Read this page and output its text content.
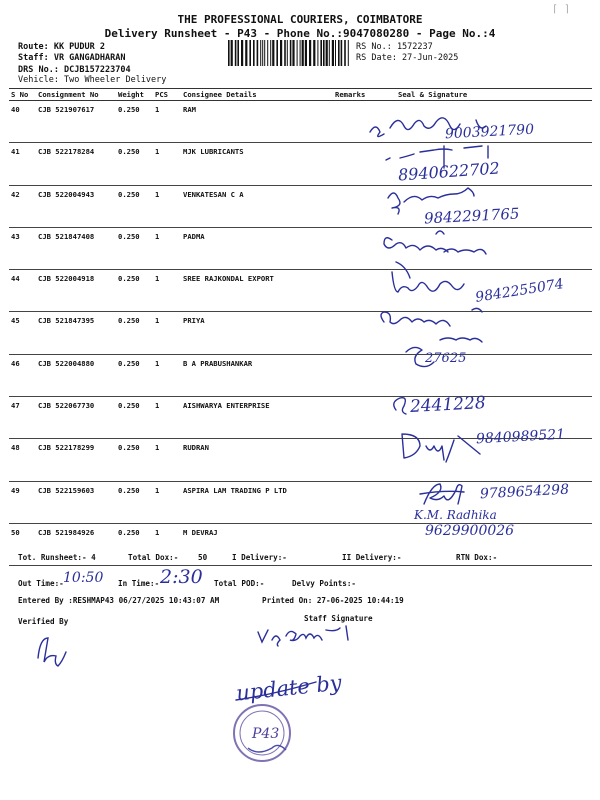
⌈ ⌉
THE PROFESSIONAL COURIERS, COIMBATORE
Delivery Runsheet - P43 - Phone No.:9047080280 - Page No.:4
Route: KK PUDUR 2
Staff: VR GANGADHARAN
DRS No.: DCJB157223704
Vehicle: Two Wheeler Delivery
RS No.: 1572237
RS Date: 27-Jun-2025
S No	Consignment No	Weight	PCS	Consignee Details	Remarks	Seal & Signature
40	CJB 521907617	0.250	1	RAM		
41	CJB 522178284	0.250	1	MJK LUBRICANTS		
42	CJB 522004943	0.250	1	VENKATESAN C A		
43	CJB 521847408	0.250	1	PADMA		
44	CJB 522004918	0.250	1	SREE RAJKONDAL EXPORT		
45	CJB 521847395	0.250	1	PRIYA		
46	CJB 522004880	0.250	1	B A PRABUSHANKAR		
47	CJB 522067730	0.250	1	AISHWARYA ENTERPRISE		
48	CJB 522178299	0.250	1	RUDRAN		
49	CJB 522159603	0.250	1	ASPIRA LAM TRADING P LTD		
50	CJB 521984926	0.250	1	M DEVRAJ		
9003921790
8940622702
9842291765
9842255074
27625
2441228
9840989521
9789654298
K.M. Radhika
9629900026
Tot. Runsheet:- 4	Total Dox:-	50	I Delivery:-	II Delivery:-	RTN Dox:-
Out Time:- 10:50 In Time:- 2:30 Total POD:-	Delvy Points:-
Entered By :RESHMAP43 06/27/2025 10:43:07 AM	Printed On: 27-06-2025 10:44:19
Staff Signature
Verified By
update by
P43
